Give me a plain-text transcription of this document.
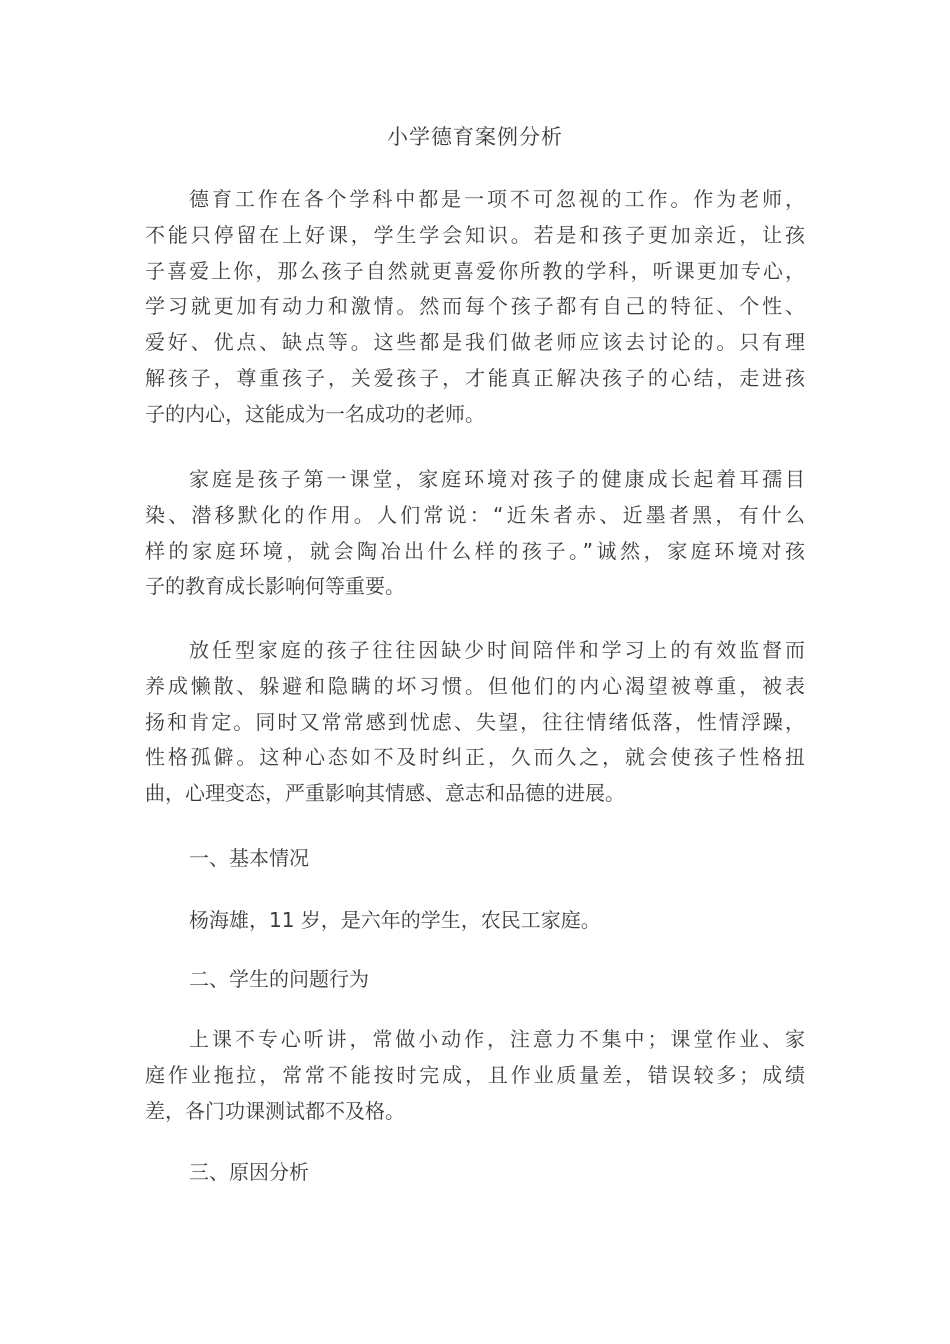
小学德育案例分析
德育工作在各个学科中都是一项不可忽视的工作。作为老师，
不能只停留在上好课，学生学会知识。若是和孩子更加亲近，让孩
子喜爱上你，那么孩子自然就更喜爱你所教的学科，听课更加专心，
学习就更加有动力和激情。然而每个孩子都有自己的特征、个性、
爱好、优点、缺点等。这些都是我们做老师应该去讨论的。只有理
解孩子，尊重孩子，关爱孩子，才能真正解决孩子的心结，走进孩
子的内心，这能成为一名成功的老师。
家庭是孩子第一课堂，家庭环境对孩子的健康成长起着耳孺目
染、潜移默化的作用。人们常说：“近朱者赤、近墨者黑，有什么
样的家庭环境，就会陶冶出什么样的孩子。”诚然，家庭环境对孩
子的教育成长影响何等重要。
放任型家庭的孩子往往因缺少时间陪伴和学习上的有效监督而
养成懒散、躲避和隐瞒的坏习惯。但他们的内心渴望被尊重，被表
扬和肯定。同时又常常感到忧虑、失望，往往情绪低落，性情浮躁，
性格孤僻。这种心态如不及时纠正，久而久之，就会使孩子性格扭
曲，心理变态，严重影响其情感、意志和品德的进展。
一、基本情况
杨海雄，11 岁，是六年的学生，农民工家庭。
二、学生的问题行为
上课不专心听讲，常做小动作，注意力不集中；课堂作业、家
庭作业拖拉，常常不能按时完成，且作业质量差，错误较多；成绩
差，各门功课测试都不及格。
三、原因分析
